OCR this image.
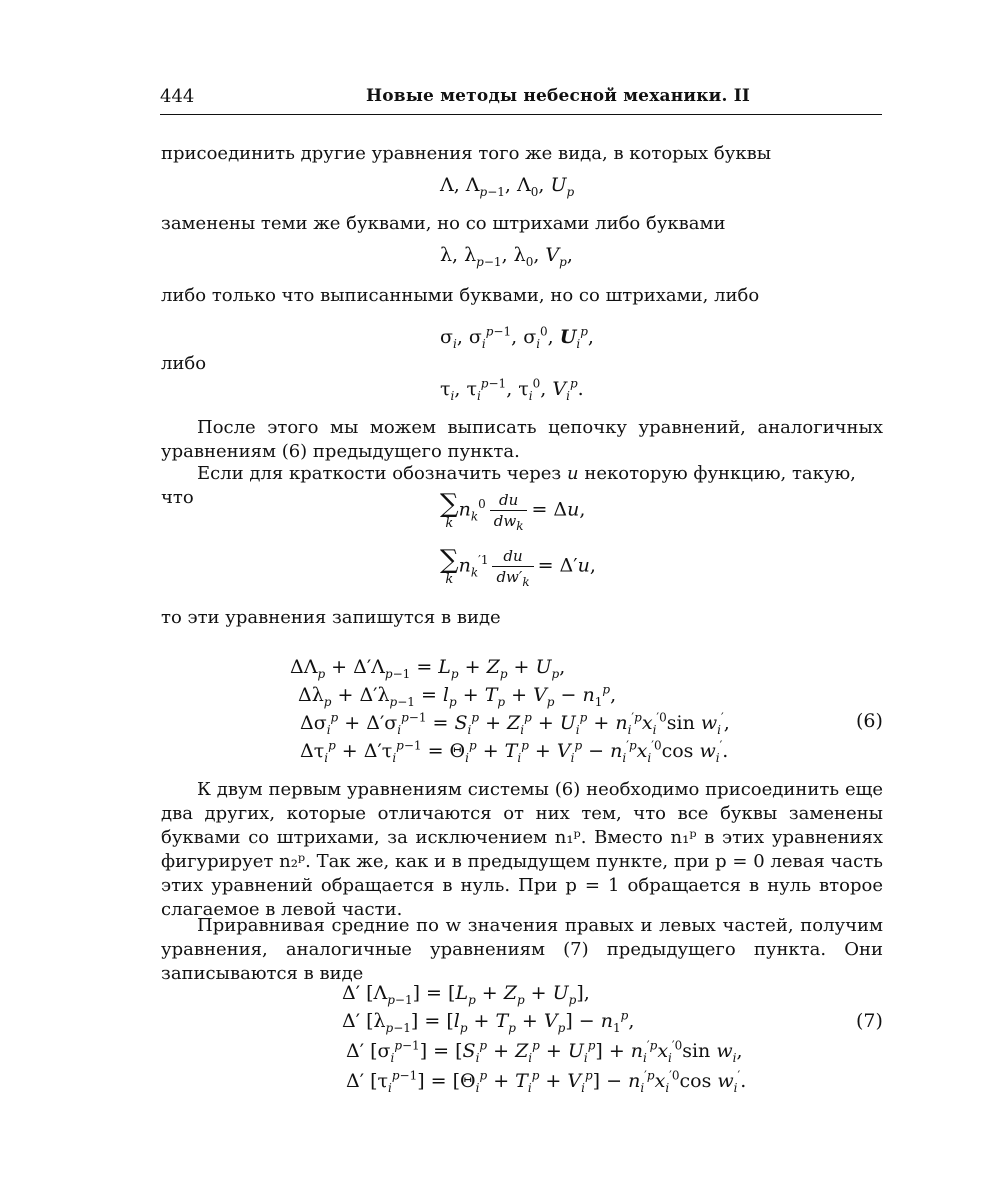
444	Новые методы небесной механики. II

присоединить другие уравнения того же вида, в которых буквы

Λ, $\Lambda_{p-1}$, $\Lambda_0$, $U_p$

заменены теми же буквами, но со штрихами либо буквами

λ, $\lambda_{p-1}$, $\lambda_0$, $V_p$,

либо только что выписанными буквами, но со штрихами, либо

$\sigma_i$, $\sigma_i^{p-1}$, $\sigma_i^0$, $U_i^p$,

либо

$\tau_i$, $\tau_i^{p-1}$, $\tau_i^0$, $V_i^p$.

После этого мы можем выписать цепочку уравнений, аналогичных уравнениям (6) предыдущего пункта.

Если для краткости обозначить через u некоторую функцию, такую, что	∑
k
$n_k^0 \frac{du}{dw_k} = \Delta u$,
∑
k
$n_k^{'1} \frac{du}{dw'_k} = \Delta'u$,

то эти уравнения запишутся в виде

$\Delta\Lambda_p + \Delta'\Lambda_{p-1} = L_p + Z_p + U_p$,
$\Delta\lambda_p + \Delta'\lambda_{p-1} = l_p + T_p + V_p - n_1^p$,
$\Delta\sigma_i^p + \Delta'\sigma_i^{p-1} = S_i^p + Z_i^p + U_i^p + n_i^{'p}x_i^{'0}\sin$ $w_i'$,
$\Delta\tau_i^p + \Delta'\tau_i^{p-1} = \Theta_i^p + T_i^p + V_i^p - n_i^{'p}x_i^{'0}\cos$ $w_i'$.
(6)

К двум первым уравнениям системы (6) необходимо присоединить еще два других, которые отличаются от них тем, что все буквы заменены буквами со штрихами, за исключением n₁ᵖ. Вместо n₁ᵖ в этих уравнениях фигурирует n₂ᵖ. Так же, как и в предыдущем пункте, при p = 0 левая часть этих уравнений обращается в нуль. При p = 1 обращается в нуль второе слагаемое в левой части.

Приравнивая средние по w значения правых и левых частей, получим уравнения, аналогичные уравнениям (7) предыдущего пункта. Они записываются в виде

Δ′ $[\Lambda_{p-1}] = [L_p + Z_p + U_p]$,
Δ′ $[\lambda_{p-1}] = [l_p + T_p + V_p] - n_1^p$,
Δ′ $[\sigma_i^{p-1}] = [S_i^p + Z_i^p + U_i^p] + n_i^{'p}x_i^{'0}\sin$ $w_i$,
Δ′ $[\tau_i^{p-1}] = [\Theta_i^p + T_i^p + V_i^p] - n_i^{'p}x_i^{'0}\cos$ $w_i'$.
(7)
